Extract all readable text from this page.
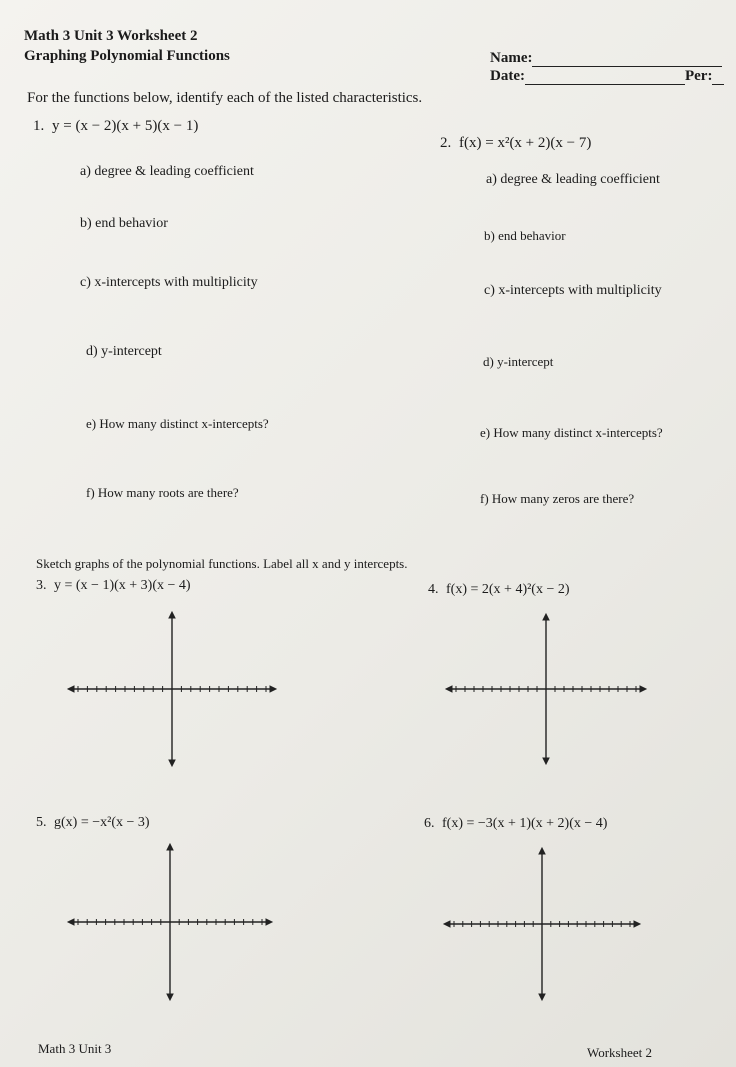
Math 3 Unit 3 Worksheet 2
Graphing Polynomial Functions	Name:
Date:	Per:
For the functions below, identify each of the listed characteristics.
1. y = (x − 2)(x + 5)(x − 1)
a) degree & leading coefficient
b) end behavior
c) x-intercepts with multiplicity
d) y-intercept
e) How many distinct x-intercepts?
f) How many roots are there?
2. f(x) = x²(x + 2)(x − 7)
a) degree & leading coefficient
b) end behavior
c) x-intercepts with multiplicity
d) y-intercept
e) How many distinct x-intercepts?
f) How many zeros are there?
Sketch graphs of the polynomial functions. Label all x and y intercepts.
3. y = (x − 1)(x + 3)(x − 4)	4. f(x) = 2(x + 4)²(x − 2)
5. g(x) = −x²(x − 3)	6. f(x) = −3(x + 1)(x + 2)(x − 4)
Math 3 Unit 3	Worksheet 2
